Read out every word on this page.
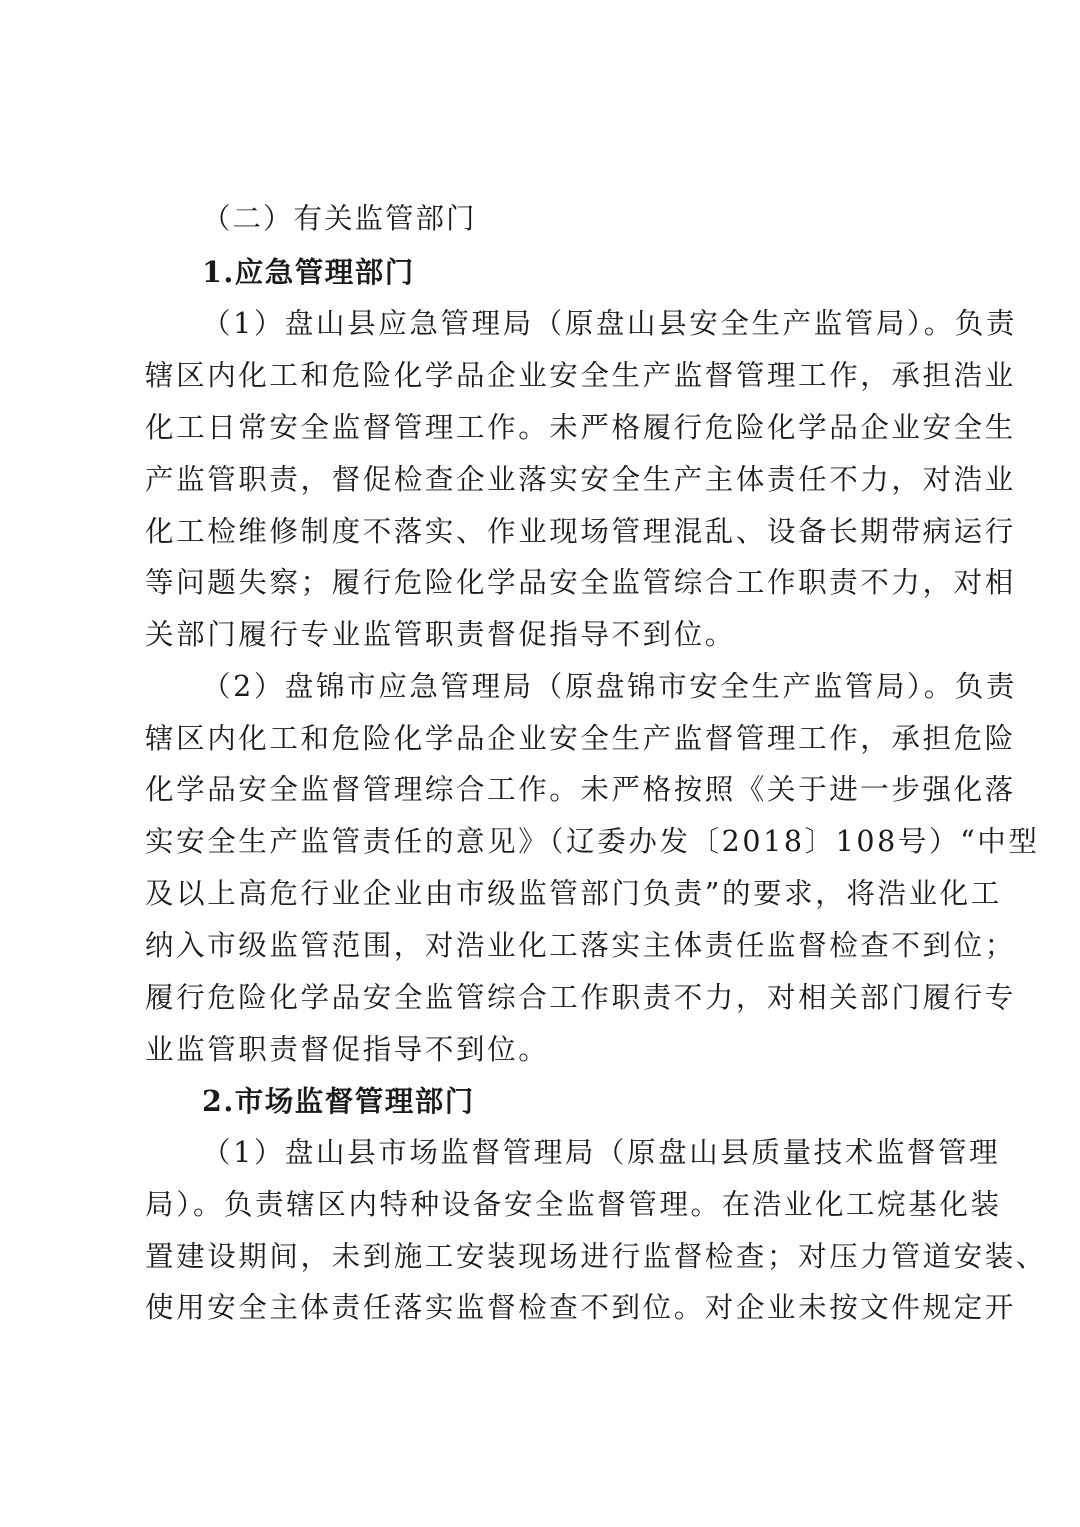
（二）有关监管部门
1.应急管理部门
（1）盘山县应急管理局（原盘山县安全生产监管局）。负责
辖区内化工和危险化学品企业安全生产监督管理工作，承担浩业
化工日常安全监督管理工作。未严格履行危险化学品企业安全生
产监管职责，督促检查企业落实安全生产主体责任不力，对浩业
化工检维修制度不落实、作业现场管理混乱、设备长期带病运行
等问题失察；履行危险化学品安全监管综合工作职责不力，对相
关部门履行专业监管职责督促指导不到位。
（2）盘锦市应急管理局（原盘锦市安全生产监管局）。负责
辖区内化工和危险化学品企业安全生产监督管理工作，承担危险
化学品安全监督管理综合工作。未严格按照《关于进一步强化落
实安全生产监管责任的意见》（辽委办发〔2018〕108号）“中型
及以上高危行业企业由市级监管部门负责”的要求，将浩业化工
纳入市级监管范围，对浩业化工落实主体责任监督检查不到位；
履行危险化学品安全监管综合工作职责不力，对相关部门履行专
业监管职责督促指导不到位。
2.市场监督管理部门
（1）盘山县市场监督管理局（原盘山县质量技术监督管理
局）。负责辖区内特种设备安全监督管理。在浩业化工烷基化装
置建设期间，未到施工安装现场进行监督检查；对压力管道安装、
使用安全主体责任落实监督检查不到位。对企业未按文件规定开
